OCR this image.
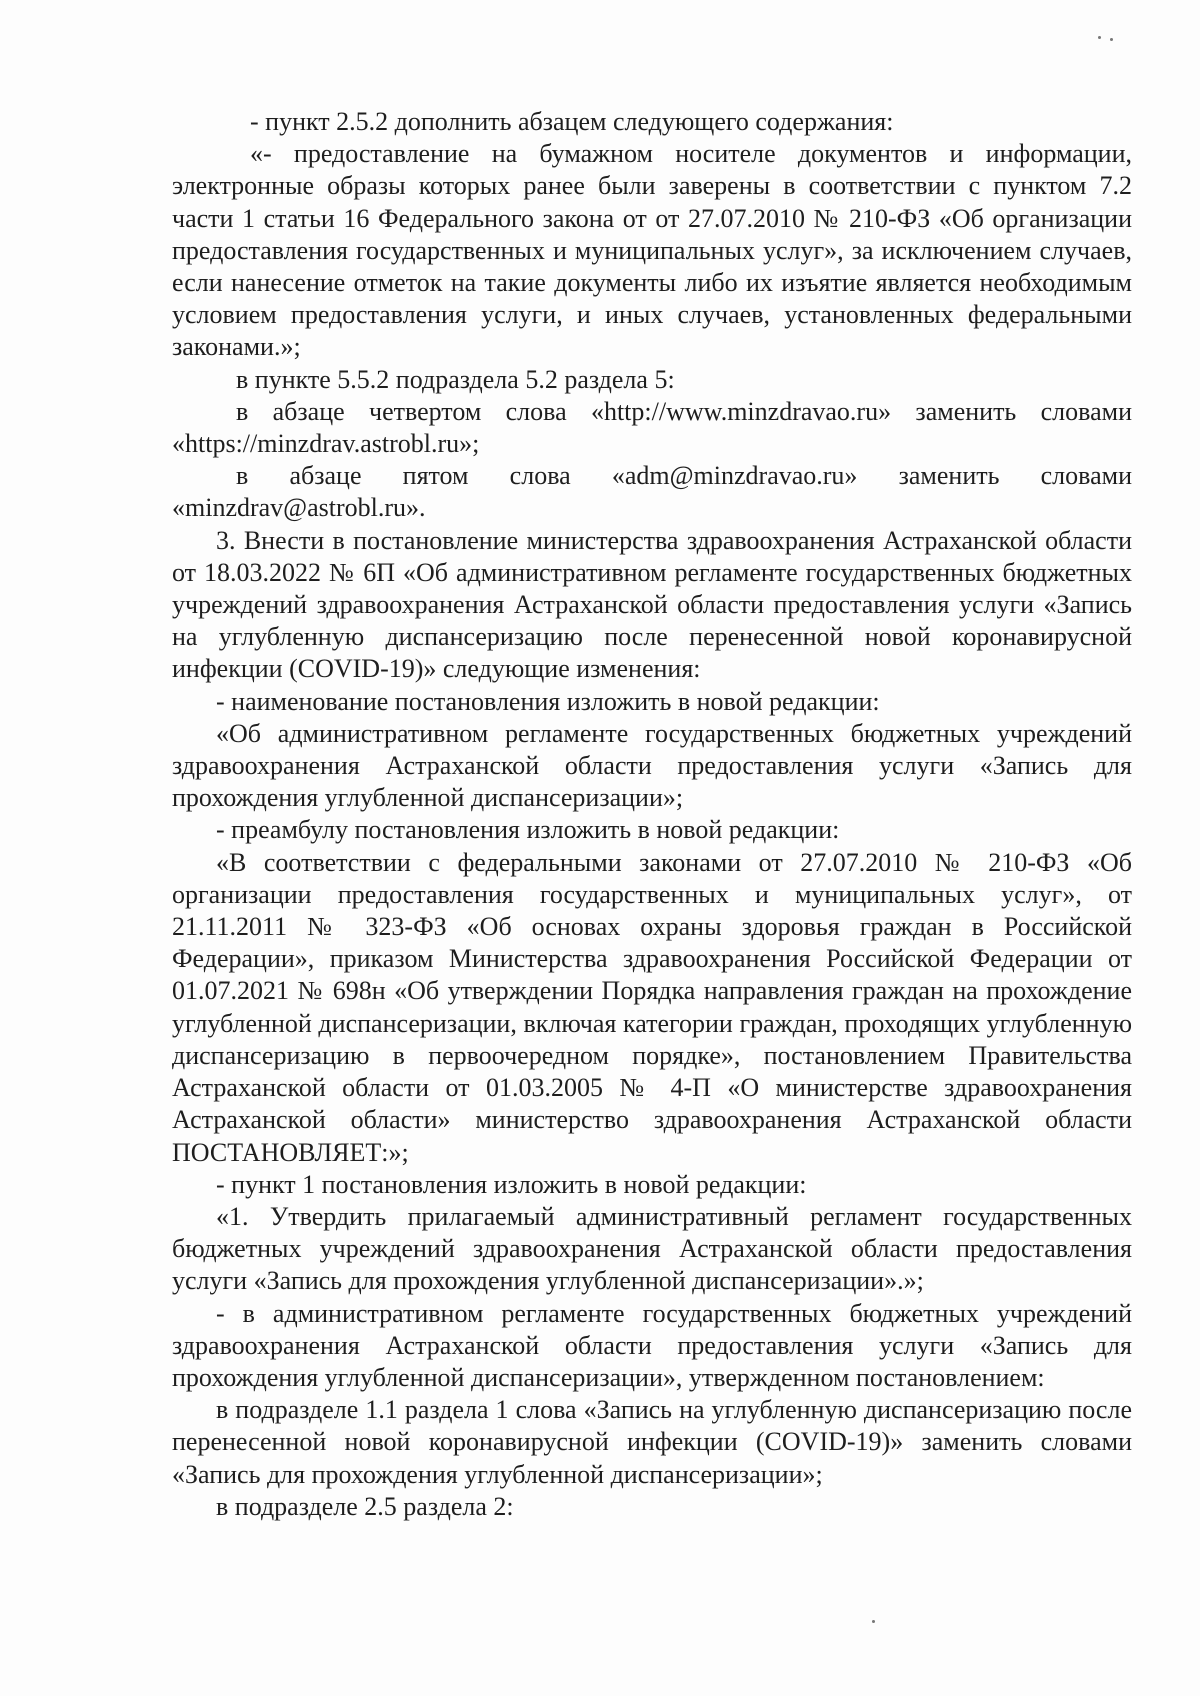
- пункт 2.5.2 дополнить абзацем следующего содержания:

«- предоставление на бумажном носителе документов и информации, электронные образы которых ранее были заверены в соответствии с пунктом 7.2 части 1 статьи 16 Федерального закона от от 27.07.2010 № 210-ФЗ «Об организации предоставления государственных и муниципальных услуг», за исключением случаев, если нанесение отметок на такие документы либо их изъятие является необходимым условием предоставления услуги, и иных случаев, установленных федеральными законами.»;

в пункте 5.5.2 подраздела 5.2 раздела 5:

в абзаце четвертом слова «http://www.minzdravao.ru» заменить словами «https://minzdrav.astrobl.ru»;

в абзаце пятом слова «adm@minzdravao.ru» заменить словами «minzdrav@astrobl.ru».

3. Внести в постановление министерства здравоохранения Астраханской области от 18.03.2022 № 6П «Об административном регламенте государственных бюджетных учреждений здравоохранения Астраханской области предоставления услуги «Запись на углубленную диспансеризацию после перенесенной новой коронавирусной инфекции (COVID-19)» следующие изменения:

- наименование постановления изложить в новой редакции:

«Об административном регламенте государственных бюджетных учреждений здравоохранения Астраханской области предоставления услуги «Запись для прохождения углубленной диспансеризации»;

- преамбулу постановления изложить в новой редакции:

«В соответствии с федеральными законами от 27.07.2010 № 210-ФЗ «Об организации предоставления государственных и муниципальных услуг», от 21.11.2011 № 323-ФЗ «Об основах охраны здоровья граждан в Российской Федерации», приказом Министерства здравоохранения Российской Федерации от 01.07.2021 № 698н «Об утверждении Порядка направления граждан на прохождение углубленной диспансеризации, включая категории граждан, проходящих углубленную диспансеризацию в первоочередном порядке», постановлением Правительства Астраханской области от 01.03.2005 № 4-П «О министерстве здравоохранения Астраханской области» министерство здравоохранения Астраханской области ПОСТАНОВЛЯЕТ:»;

- пункт 1 постановления изложить в новой редакции:

«1. Утвердить прилагаемый административный регламент государственных бюджетных учреждений здравоохранения Астраханской области предоставления услуги «Запись для прохождения углубленной диспансеризации».»;

- в административном регламенте государственных бюджетных учреждений здравоохранения Астраханской области предоставления услуги «Запись для прохождения углубленной диспансеризации», утвержденном постановлением:

в подразделе 1.1 раздела 1 слова «Запись на углубленную диспансеризацию после перенесенной новой коронавирусной инфекции (COVID-19)» заменить словами «Запись для прохождения углубленной диспансеризации»;

в подразделе 2.5 раздела 2:
